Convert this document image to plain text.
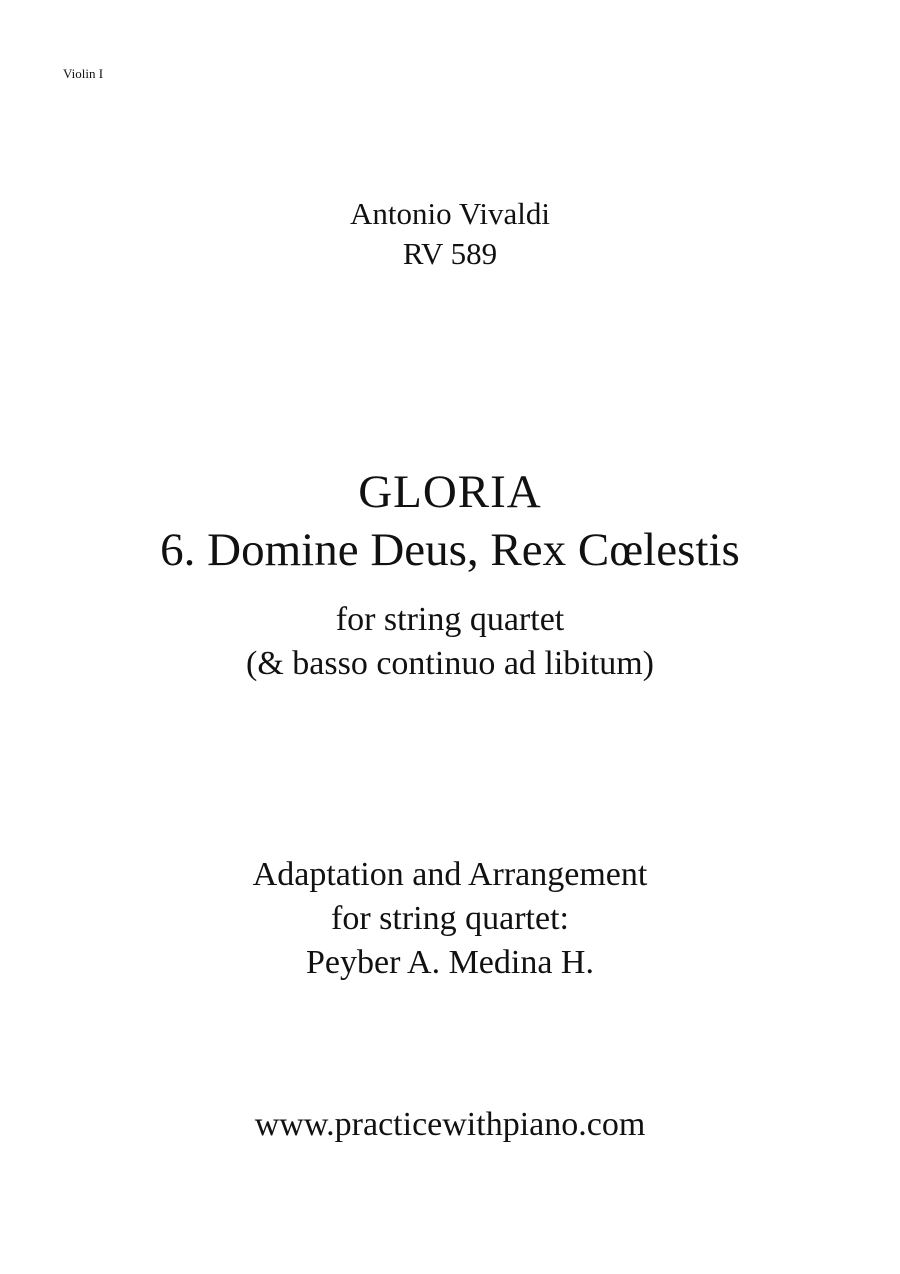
Violin I
Antonio Vivaldi
RV 589
GLORIA
6. Domine Deus, Rex Cœlestis
for string quartet
(& basso continuo ad libitum)
Adaptation and Arrangement
for string quartet:
Peyber A. Medina H.
www.practicewithpiano.com
